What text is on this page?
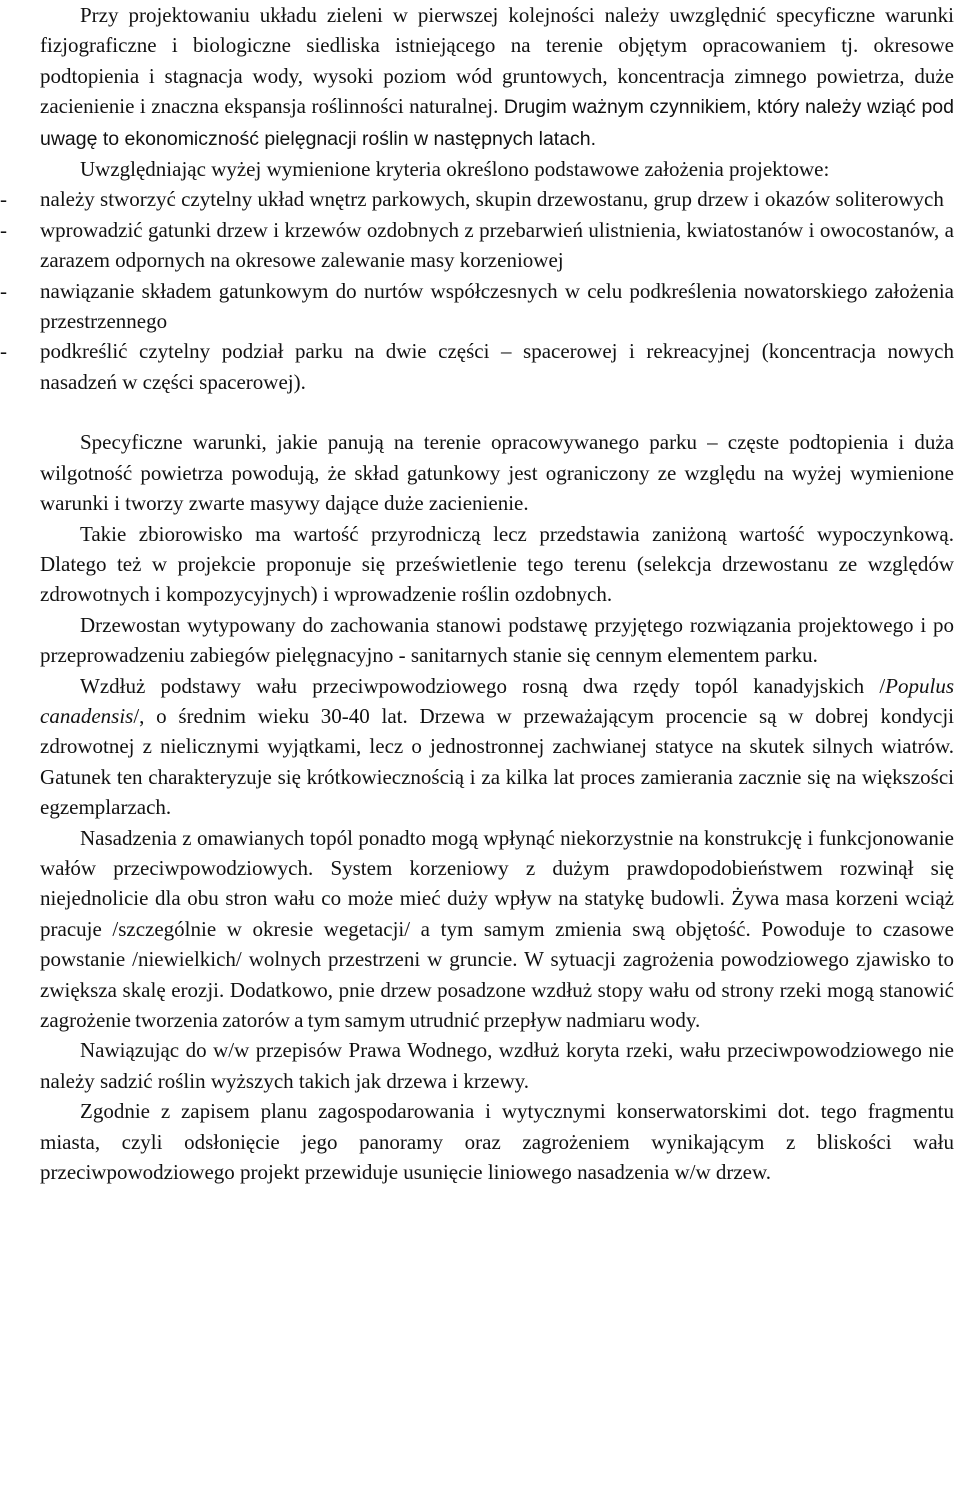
Przy projektowaniu układu zieleni w pierwszej kolejności należy uwzględnić specyficzne warunki fizjograficzne i biologiczne siedliska istniejącego na terenie objętym opracowaniem tj. okresowe podtopienia i stagnacja wody, wysoki poziom wód gruntowych, koncentracja zimnego powietrza, duże zacienienie i znaczna ekspansja roślinności naturalnej. Drugim ważnym czynnikiem, który należy wziąć pod uwagę to ekonomiczność pielęgnacji roślin w następnych latach.

Uwzględniając wyżej wymienione kryteria określono podstawowe założenia projektowe:

- należy stworzyć czytelny układ wnętrz parkowych, skupin drzewostanu, grup drzew i okazów soliterowych
- wprowadzić gatunki drzew i krzewów ozdobnych z przebarwień ulistnienia, kwiatostanów i owocostanów, a zarazem odpornych na okresowe zalewanie masy korzeniowej
- nawiązanie składem gatunkowym do nurtów współczesnych w celu podkreślenia nowatorskiego założenia przestrzennego
- podkreślić czytelny podział parku na dwie części – spacerowej i rekreacyjnej (koncentracja nowych nasadzeń w części spacerowej).

Specyficzne warunki, jakie panują na terenie opracowywanego parku – częste podtopienia i duża wilgotność powietrza powodują, że skład gatunkowy jest ograniczony ze względu na wyżej wymienione warunki i tworzy zwarte masywy dające duże zacienienie.

Takie zbiorowisko ma wartość przyrodniczą lecz przedstawia zaniżoną wartość wypoczynkową. Dlatego też w projekcie proponuje się prześwietlenie tego terenu (selekcja drzewostanu ze względów zdrowotnych i kompozycyjnych) i wprowadzenie roślin ozdobnych.

Drzewostan wytypowany do zachowania stanowi podstawę przyjętego rozwiązania projektowego i po przeprowadzeniu zabiegów pielęgnacyjno - sanitarnych stanie się cennym elementem parku.

Wzdłuż podstawy wału przeciwpowodziowego rosną dwa rzędy topól kanadyjskich /Populus canadensis/, o średnim wieku 30-40 lat. Drzewa w przeważającym procencie są w dobrej kondycji zdrowotnej z nielicznymi wyjątkami, lecz o jednostronnej zachwianej statyce na skutek silnych wiatrów. Gatunek ten charakteryzuje się krótkowiecznością i za kilka lat proces zamierania zacznie się na większości egzemplarzach.

Nasadzenia z omawianych topól ponadto mogą wpłynąć niekorzystnie na konstrukcję i funkcjonowanie wałów przeciwpowodziowych. System korzeniowy z dużym prawdopodobieństwem rozwinął się niejednolicie dla obu stron wału co może mieć duży wpływ na statykę budowli. Żywa masa korzeni wciąż pracuje /szczególnie w okresie wegetacji/ a tym samym zmienia swą objętość. Powoduje to czasowe powstanie /niewielkich/ wolnych przestrzeni w gruncie. W sytuacji zagrożenia powodziowego zjawisko to zwiększa skalę erozji. Dodatkowo, pnie drzew posadzone wzdłuż stopy wału od strony rzeki mogą stanowić zagrożenie tworzenia zatorów a tym samym utrudnić przepływ nadmiaru wody.

Nawiązując do w/w przepisów Prawa Wodnego, wzdłuż koryta rzeki, wału przeciwpowodziowego nie należy sadzić roślin wyższych takich jak drzewa i krzewy.

Zgodnie z zapisem planu zagospodarowania i wytycznymi konserwatorskimi dot. tego fragmentu miasta, czyli odsłonięcie jego panoramy oraz zagrożeniem wynikającym z bliskości wału przeciwpowodziowego projekt przewiduje usunięcie liniowego nasadzenia w/w drzew.
